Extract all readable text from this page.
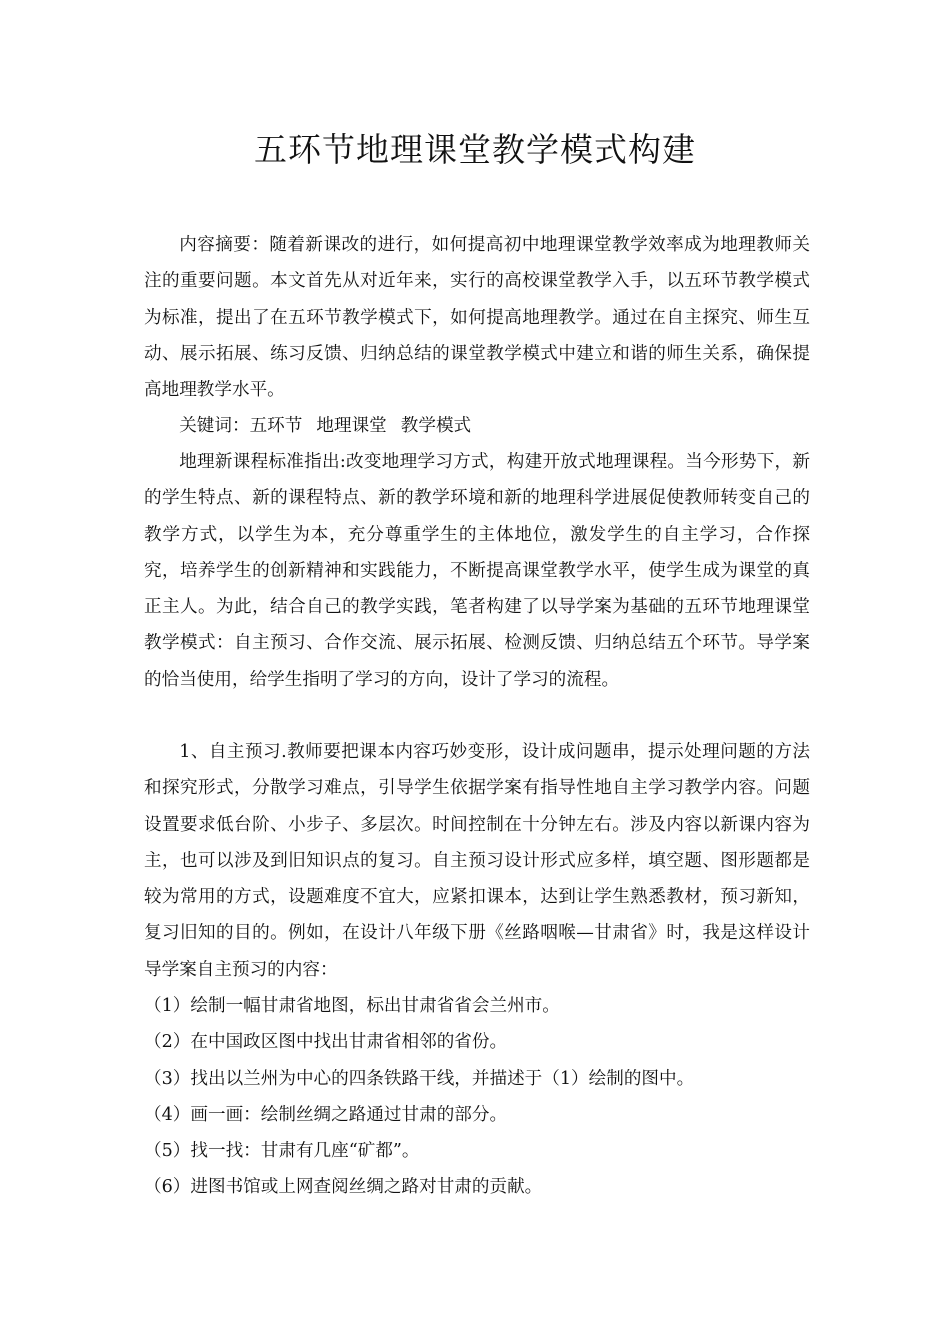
五环节地理课堂教学模式构建

内容摘要：随着新课改的进行，如何提高初中地理课堂教学效率成为地理教师关注的重要问题。本文首先从对近年来，实行的高校课堂教学入手，以五环节教学模式为标准，提出了在五环节教学模式下，如何提高地理教学。通过在自主探究、师生互动、展示拓展、练习反馈、归纳总结的课堂教学模式中建立和谐的师生关系，确保提高地理教学水平。

关键词：五环节 地理课堂 教学模式

地理新课程标准指出:改变地理学习方式，构建开放式地理课程。当今形势下，新的学生特点、新的课程特点、新的教学环境和新的地理科学进展促使教师转变自己的教学方式，以学生为本，充分尊重学生的主体地位，激发学生的自主学习，合作探究，培养学生的创新精神和实践能力，不断提高课堂教学水平，使学生成为课堂的真正主人。为此，结合自己的教学实践，笔者构建了以导学案为基础的五环节地理课堂教学模式：自主预习、合作交流、展示拓展、检测反馈、归纳总结五个环节。导学案的恰当使用，给学生指明了学习的方向，设计了学习的流程。

1、自主预习.教师要把课本内容巧妙变形，设计成问题串，提示处理问题的方法和探究形式，分散学习难点，引导学生依据学案有指导性地自主学习教学内容。问题设置要求低台阶、小步子、多层次。时间控制在十分钟左右。涉及内容以新课内容为主，也可以涉及到旧知识点的复习。自主预习设计形式应多样，填空题、图形题都是较为常用的方式，设题难度不宜大，应紧扣课本，达到让学生熟悉教材，预习新知，复习旧知的目的。例如，在设计八年级下册《丝路咽喉—甘肃省》时，我是这样设计导学案自主预习的内容：

（1）绘制一幅甘肃省地图，标出甘肃省省会兰州市。

（2）在中国政区图中找出甘肃省相邻的省份。

（3）找出以兰州为中心的四条铁路干线，并描述于（1）绘制的图中。

（4）画一画：绘制丝绸之路通过甘肃的部分。

（5）找一找：甘肃有几座“矿都”。

（6）进图书馆或上网查阅丝绸之路对甘肃的贡献。
